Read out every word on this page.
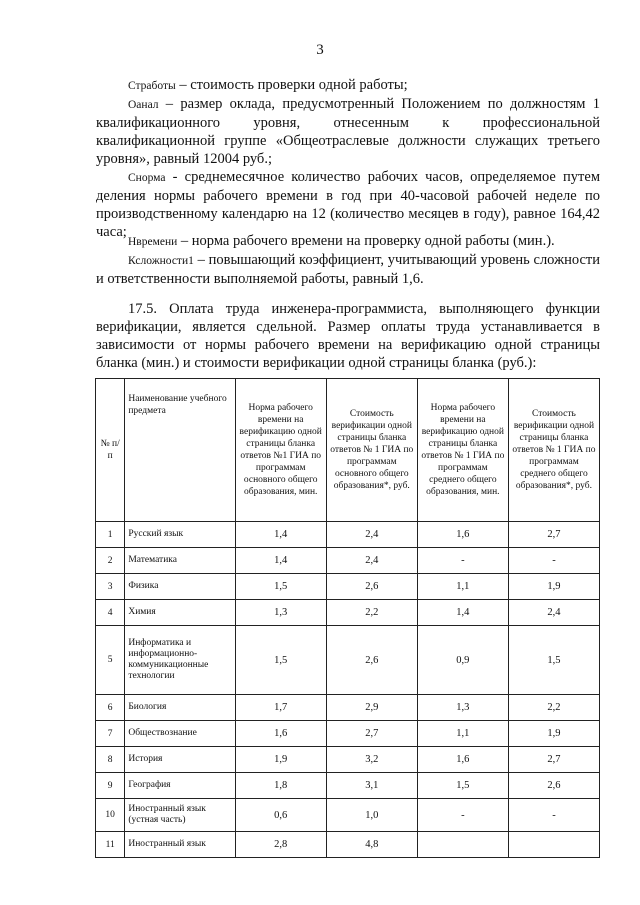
3
Стработы – стоимость проверки одной работы;
Оанал – размер оклада, предусмотренный Положением по должностям 1 квалификационного уровня, отнесенным к профессиональной квалификационной группе «Общеотраслевые должности служащих третьего уровня», равный 12004 руб.;
Снорма - среднемесячное количество рабочих часов, определяемое путем деления нормы рабочего времени в год при 40-часовой рабочей неделе по производственному календарю на 12 (количество месяцев в году), равное 164,42 часа;
Нвремени – норма рабочего времени на проверку одной работы (мин.).
Ксложности1 – повышающий коэффициент, учитывающий уровень сложности и ответственности выполняемой работы, равный 1,6.
17.5. Оплата труда инженера-программиста, выполняющего функции верификации, является сдельной. Размер оплаты труда устанавливается в зависимости от нормы рабочего времени на верификацию одной страницы бланка (мин.) и стоимости верификации одной страницы бланка (руб.):
№ п/п	Наименование учебного предмета	Норма рабочего времени на верификацию одной страницы бланка ответов №1 ГИА по программам основного общего образования, мин.	Стоимость верификации одной страницы бланка ответов № 1 ГИА по программам основного общего образования*, руб.	Норма рабочего времени на верификацию одной страницы бланка ответов № 1 ГИА по программам среднего общего образования, мин.	Стоимость верификации одной страницы бланка ответов № 1 ГИА по программам среднего общего образования*, руб.
1	Русский язык	1,4	2,4	1,6	2,7
2	Математика	1,4	2,4	-	-
3	Физика	1,5	2,6	1,1	1,9
4	Химия	1,3	2,2	1,4	2,4
5	Информатика и информационно-коммуникационные технологии	1,5	2,6	0,9	1,5
6	Биология	1,7	2,9	1,3	2,2
7	Обществознание	1,6	2,7	1,1	1,9
8	История	1,9	3,2	1,6	2,7
9	География	1,8	3,1	1,5	2,6
10	Иностранный язык (устная часть)	0,6	1,0	-	-
11	Иностранный язык	2,8	4,8		
